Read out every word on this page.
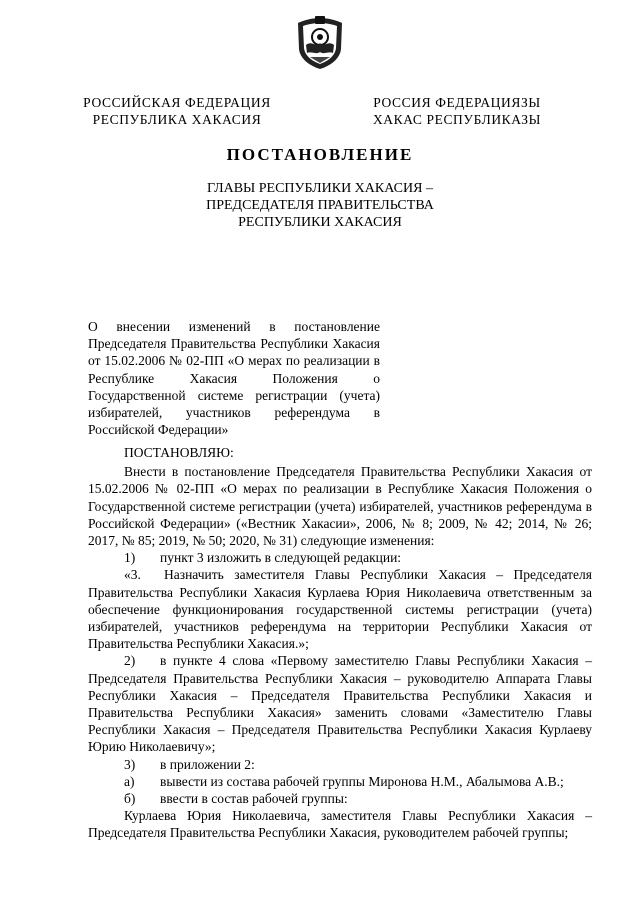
РОССИЙСКАЯ ФЕДЕРАЦИЯ
РЕСПУБЛИКА ХАКАСИЯ
РОССИЯ ФЕДЕРАЦИЯЗЫ
ХАКАС РЕСПУБЛИКАЗЫ
ПОСТАНОВЛЕНИЕ
ГЛАВЫ РЕСПУБЛИКИ ХАКАСИЯ –
ПРЕДСЕДАТЕЛЯ ПРАВИТЕЛЬСТВА
РЕСПУБЛИКИ ХАКАСИЯ
О внесении изменений в постановление Председателя Правительства Республики Хакасия от 15.02.2006 № 02-ПП «О мерах по реализации в Республике Хакасия Положения о Государственной системе регистрации (учета) избирателей, участников референдума в Российской Федерации»

ПОСТАНОВЛЯЮ:

Внести в постановление Председателя Правительства Республики Хакасия от 15.02.2006 № 02-ПП «О мерах по реализации в Республике Хакасия Положения о Государственной системе регистрации (учета) избирателей, участников референдума в Российской Федерации» («Вестник Хакасии», 2006, № 8; 2009, № 42; 2014, № 26; 2017, № 85; 2019, № 50; 2020, № 31) следующие изменения:

1)	пункт 3 изложить в следующей редакции:

«3. Назначить заместителя Главы Республики Хакасия – Председателя Правительства Республики Хакасия Курлаева Юрия Николаевича ответственным за обеспечение функционирования государственной системы регистрации (учета) избирателей, участников референдума на территории Республики Хакасия от Правительства Республики Хакасия.»;

2) в пункте 4 слова «Первому заместителю Главы Республики Хакасия – Председателя Правительства Республики Хакасия – руководителю Аппарата Главы Республики Хакасия – Председателя Правительства Республики Хакасия и Правительства Республики Хакасия» заменить словами «Заместителю Главы Республики Хакасия – Председателя Правительства Республики Хакасия Курлаеву Юрию Николаевичу»;

3)	в приложении 2:
а)	вывести из состава рабочей группы Миронова Н.М., Абалымова А.В.;
б)	ввести в состав рабочей группы:

Курлаева Юрия Николаевича, заместителя Главы Республики Хакасия – Председателя Правительства Республики Хакасия, руководителем рабочей группы;
